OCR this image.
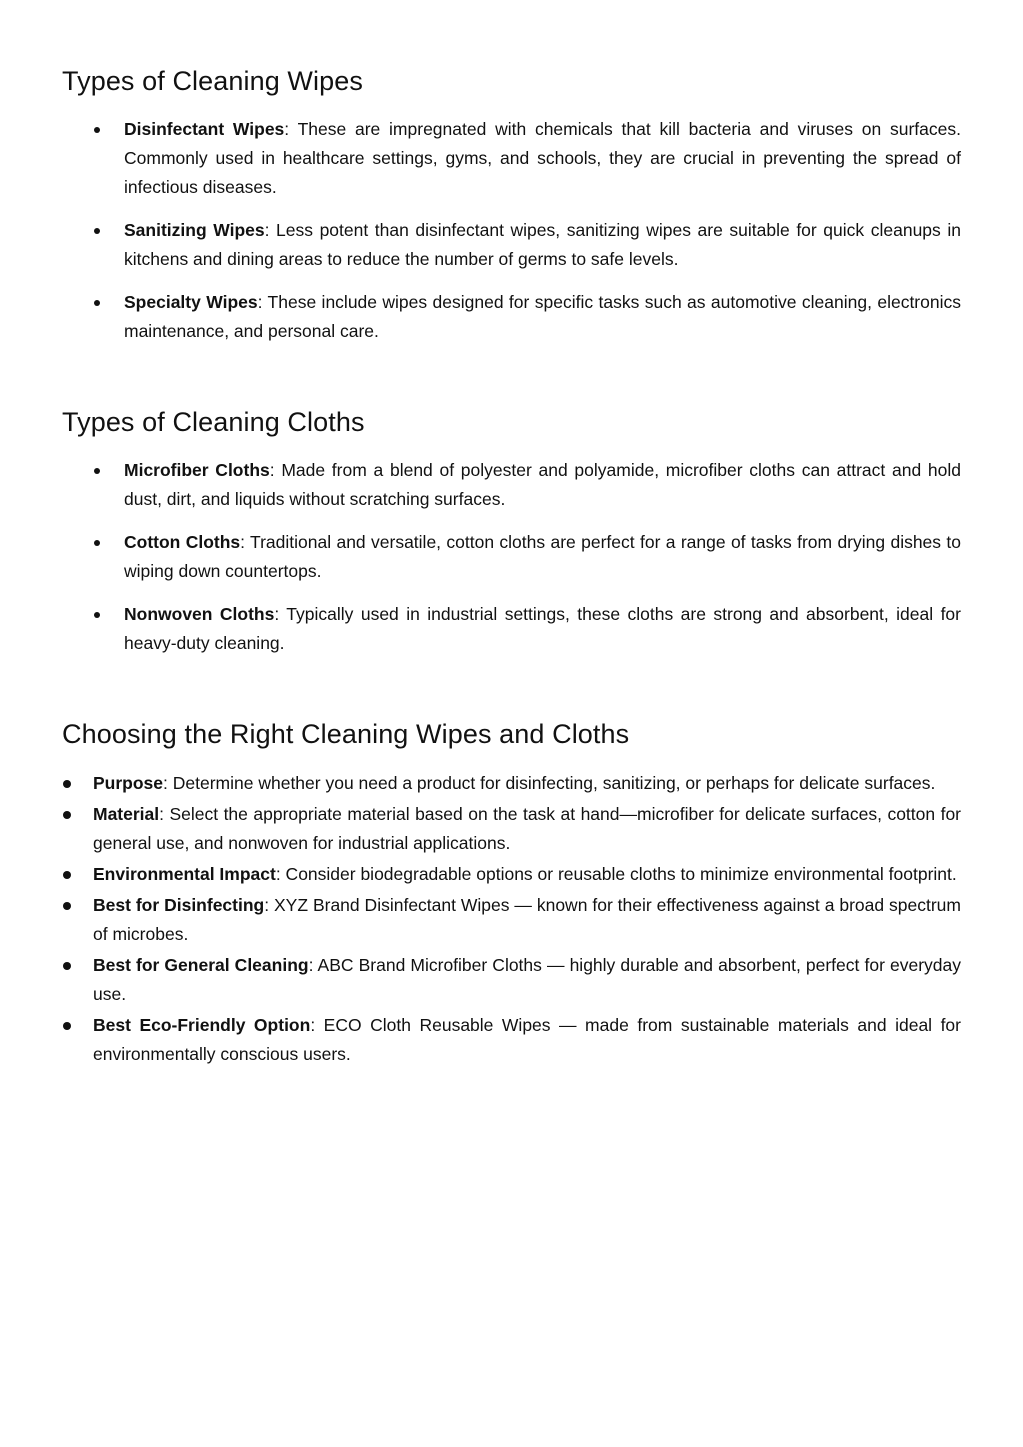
Types of Cleaning Wipes
Disinfectant Wipes: These are impregnated with chemicals that kill bacteria and viruses on surfaces. Commonly used in healthcare settings, gyms, and schools, they are crucial in preventing the spread of infectious diseases.
Sanitizing Wipes: Less potent than disinfectant wipes, sanitizing wipes are suitable for quick cleanups in kitchens and dining areas to reduce the number of germs to safe levels.
Specialty Wipes: These include wipes designed for specific tasks such as automotive cleaning, electronics maintenance, and personal care.
Types of Cleaning Cloths
Microfiber Cloths: Made from a blend of polyester and polyamide, microfiber cloths can attract and hold dust, dirt, and liquids without scratching surfaces.
Cotton Cloths: Traditional and versatile, cotton cloths are perfect for a range of tasks from drying dishes to wiping down countertops.
Nonwoven Cloths: Typically used in industrial settings, these cloths are strong and absorbent, ideal for heavy-duty cleaning.
Choosing the Right Cleaning Wipes and Cloths
Purpose: Determine whether you need a product for disinfecting, sanitizing, or perhaps for delicate surfaces.
Material: Select the appropriate material based on the task at hand—microfiber for delicate surfaces, cotton for general use, and nonwoven for industrial applications.
Environmental Impact: Consider biodegradable options or reusable cloths to minimize environmental footprint.
Best for Disinfecting: XYZ Brand Disinfectant Wipes — known for their effectiveness against a broad spectrum of microbes.
Best for General Cleaning: ABC Brand Microfiber Cloths — highly durable and absorbent, perfect for everyday use.
Best Eco-Friendly Option: ECO Cloth Reusable Wipes — made from sustainable materials and ideal for environmentally conscious users.
